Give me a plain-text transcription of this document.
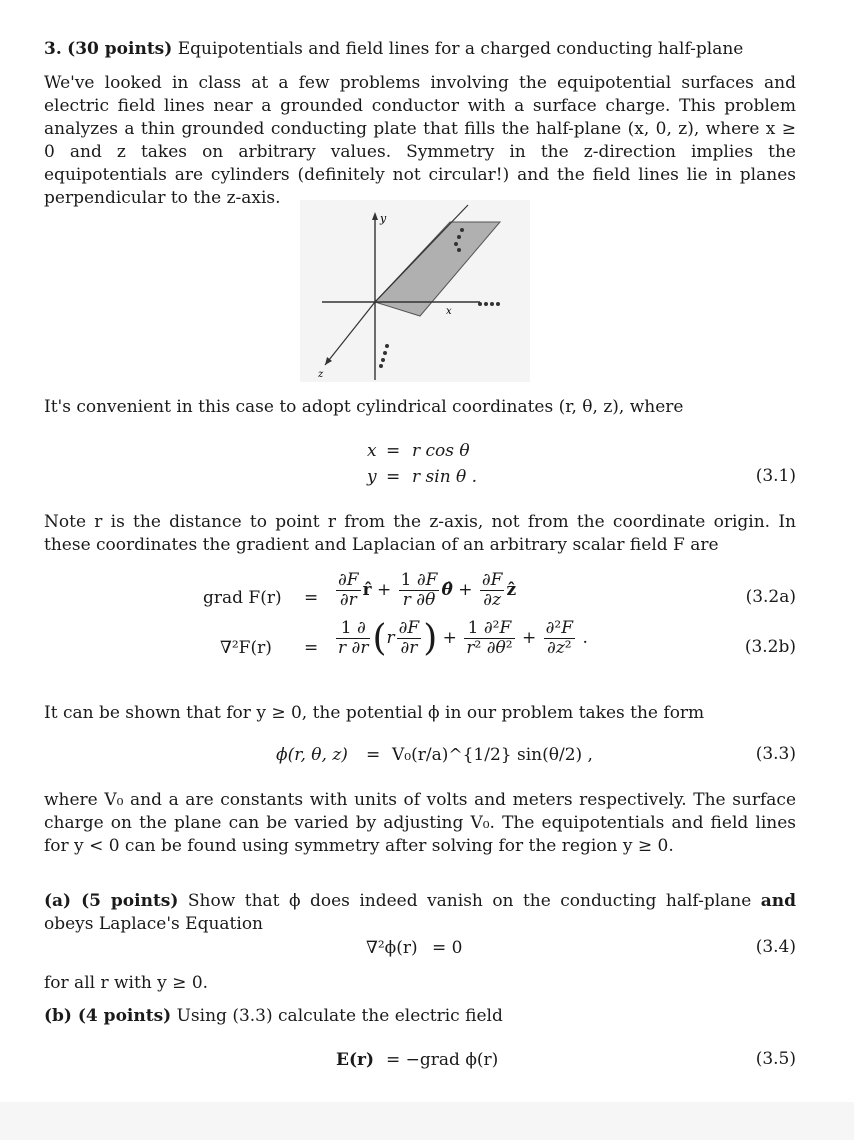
3. (30 points) Equipotentials and field lines for a charged conducting half-plane
We've looked in class at a few problems involving the equipotential surfaces and electric field lines near a grounded conductor with a surface charge. This problem analyzes a thin grounded conducting plate that fills the half-plane (x, 0, z), where x ≥ 0 and z takes on arbitrary values. Symmetry in the z-direction implies the equipotentials are cylinders (definitely not circular!) and the field lines lie in planes perpendicular to the z-axis.
y
x
z
It's convenient in this case to adopt cylindrical coordinates (r, θ, z), where
x = r cos θ
y = r sin θ .	(3.1)
Note r is the distance to point r from the z-axis, not from the coordinate origin. In these coordinates the gradient and Laplacian of an arbitrary scalar field F are
grad $F(r) = \frac{\partial F}{\partial r}$ r̂ + $\frac{1 \partial F}{r \partial\theta}$ θ̂ + $\frac{\partial F}{\partial z}$ ẑ	(3.2a)
$\nabla^2F(r) = \frac{1 \partial}{r \partial r} (r \frac{\partial F}{\partial r}$ ) + $\frac{\text{1 ∂²F}}{\text{r² ∂θ²}} + \frac{\text{∂²F}}{\text{∂z²}}$ .	(3.2b)
It can be shown that for y ≥ 0, the potential ϕ in our problem takes the form
ϕ(r, θ, z) = V₀(r/a)^{1/2} sin(θ/2) ,	(3.3)
where V₀ and a are constants with units of volts and meters respectively. The surface charge on the plane can be varied by adjusting V₀. The equipotentials and field lines for y < 0 can be found using symmetry after solving for the region y ≥ 0.
(a) (5 points) Show that ϕ does indeed vanish on the conducting half-plane and obeys Laplace's Equation
∇²ϕ(r) = 0	(3.4)
for all r with y ≥ 0.
(b) (4 points) Using (3.3) calculate the electric field
E(r) = −grad ϕ(r)	(3.5)
